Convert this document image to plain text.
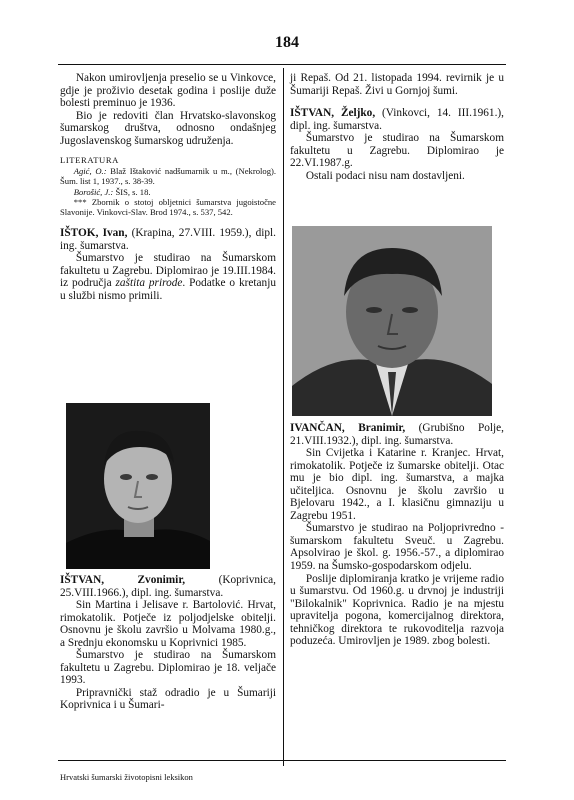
184

Nakon umirovljenja preselio se u Vinkovce, gdje je proživio desetak godina i poslije duže bolesti preminuo je 1936.

Bio je redoviti član Hrvatsko-slavonskog šumarskog društva, odnosno ondašnjeg Jugoslavenskog šumarskog udruženja.

LITERATURA

Agić, O.: Blaž Ištaković nadšumarnik u m., (Nekrolog). Šum. list 1, 1937., s. 38-39.

Borošić, J.: ŠIS, s. 18.

*** Zbornik o stotoj obljetnici šumarstva jugoistočne Slavonije. Vinkovci-Slav. Brod 1974., s. 537, 542.

IŠTOK, Ivan, (Krapina, 27.VIII. 1959.), dipl. ing. šumarstva.

Šumarstvo je studirao na Šumarskom fakultetu u Zagrebu. Diplomirao je 19.III.1984. iz područja zaštita prirode. Podatke o kretanju u službi nismo primili.

IŠTVAN, Zvonimir, (Koprivnica, 25.VIII.1966.), dipl. ing. šumarstva.

Sin Martina i Jelisave r. Bartolović. Hrvat, rimokatolik. Potječe iz poljodjelske obitelji. Osnovnu je školu završio u Molvama 1980.g., a Srednju ekonomsku u Koprivnici 1985.

Šumarstvo je studirao na Šumarskom fakultetu u Zagrebu. Diplomirao je 18. veljače 1993.

Pripravnički staž odradio je u Šumariji Koprivnica i u Šumari-

ji Repaš. Od 21. listopada 1994. revirnik je u Šumariji Repaš. Živi u Gornjoj šumi.

IŠTVAN, Željko, (Vinkovci, 14. III.1961.), dipl. ing. šumarstva.

Šumarstvo je studirao na Šumarskom fakultetu u Zagrebu. Diplomirao je 22.VI.1987.g.

Ostali podaci nisu nam dostavljeni.

IVANČAN, Branimir, (Grubišno Polje, 21.VIII.1932.), dipl. ing. šumarstva.

Sin Cvijetka i Katarine r. Kranjec. Hrvat, rimokatolik. Potječe iz šumarske obitelji. Otac mu je bio dipl. ing. šumarstva, a majka učiteljica. Osnovnu je školu završio u Bjelovaru 1942., a I. klasičnu gimnaziju u Zagrebu 1951.

Šumarstvo je studirao na Poljoprivredno - šumarskom fakultetu Sveuč. u Zagrebu. Apsolvirao je škol. g. 1956.-57., a diplomirao 1959. na Šumsko-gospodarskom odjelu.

Poslije diplomiranja kratko je vrijeme radio u šumarstvu. Od 1960.g. u drvnoj je industriji "Bilokalnik" Koprivnica. Radio je na mjestu upravitelja pogona, komercijalnog direktora, tehničkog direktora te rukovoditelja razvoja poduzeća. Umirovljen je 1989. zbog bolesti.

Hrvatski šumarski životopisni leksikon
